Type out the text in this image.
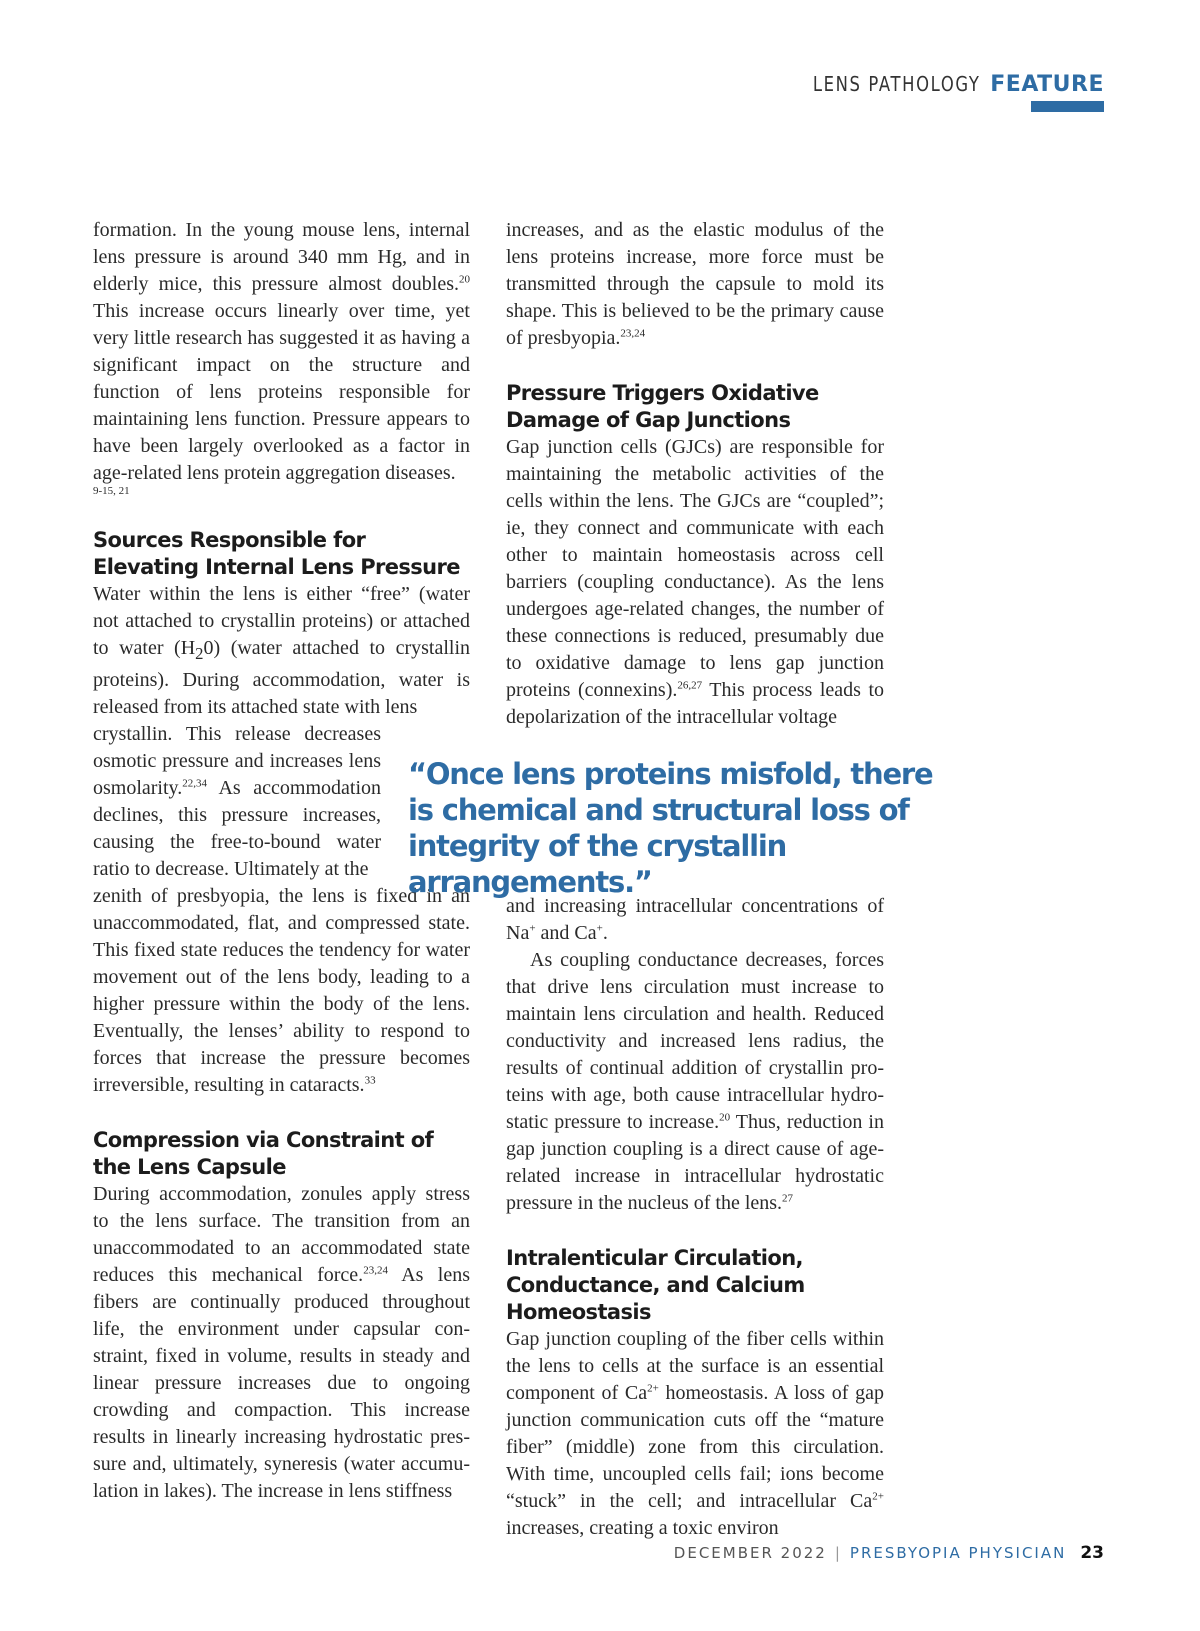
LENS PATHOLOGY FEATURE

formation. In the young mouse lens, internal lens pressure is around 340 mm Hg, and in elderly mice, this pressure almost doubles.$^{20}$ This increase occurs linearly over time, yet very little research has suggested it as having a significant impact on the structure and function of lens proteins responsible for maintaining lens function. Pressure appears to have been largely overlooked as a factor in age-related lens protein aggregation diseases.
9-15, 21

Sources Responsible for Elevating Internal Lens Pressure

Water within the lens is either “free” (water not attached to crystallin proteins) or attached to water $(H_20)$ (water attached to crystallin proteins). During accommodation, water is released from its attached state with lens

crystallin. This release decreases osmotic pressure and increases lens osmolarity.$^{22,34}$ As accommodation declines, this pressure increases, causing the free-to-bound water ratio to decrease. Ultimately at the

zenith of presbyopia, the lens is fixed in an unaccommodated, flat, and compressed state. This fixed state reduces the tendency for water movement out of the lens body, leading to a higher pressure within the body of the lens. Eventually, the lenses’ ability to respond to forces that increase the pressure becomes irreversible, resulting in cataracts.$^{33}$

Compression via Constraint of the Lens Capsule

During accommodation, zonules apply stress to the lens surface. The transition from an unaccommodated to an accommodated state reduces this mechanical force.$^{23,24}$ As lens fibers are continually produced throughout life, the environment under capsular constraint, fixed in volume, results in steady and linear pressure increases due to ongoing crowding and compaction. This increase results in linearly increasing hydrostatic pressure and, ultimately, syneresis (water accumulation in lakes). The increase in lens stiffness

increases, and as the elastic modulus of the lens proteins increase, more force must be transmitted through the capsule to mold its shape. This is believed to be the primary cause of presbyopia.$^{23,24}$

Pressure Triggers Oxidative Damage of Gap Junctions

Gap junction cells (GJCs) are responsible for maintaining the metabolic activities of the cells within the lens. The GJCs are “coupled”; ie, they connect and communicate with each other to maintain homeostasis across cell barriers (coupling conductance). As the lens undergoes age-related changes, the number of these connections is reduced, presumably due to oxidative damage to lens gap junction proteins (connexins).$^{26,27}$ This process leads to depolarization of the intracellular voltage

“Once lens proteins misfold, there is chemical and structural loss of integrity of the crystallin arrangements.”

and increasing intracellular concentrations of Na+ and Ca+.

As coupling conductance decreases, forces that drive lens circulation must increase to maintain lens circulation and health. Reduced conductivity and increased lens radius, the results of continual addition of crystallin proteins with age, both cause intracellular hydrostatic pressure to increase.$^{20}$ Thus, reduction in gap junction coupling is a direct cause of age-related increase in intracellular hydrostatic pressure in the nucleus of the lens.$^{27}$

Intralenticular Circulation, Conductance, and Calcium Homeostasis

Gap junction coupling of the fiber cells within the lens to cells at the surface is an essential component of $Ca^{2+}$ homeostasis. A loss of gap junction communication cuts off the “mature fiber” (middle) zone from this circulation. With time, uncoupled cells fail; ions become “stuck” in the cell; and intracellular $Ca^{2+}$ increases, creating a toxic environ

DECEMBER 2022 | PRESBYOPIA PHYSICIAN 23
